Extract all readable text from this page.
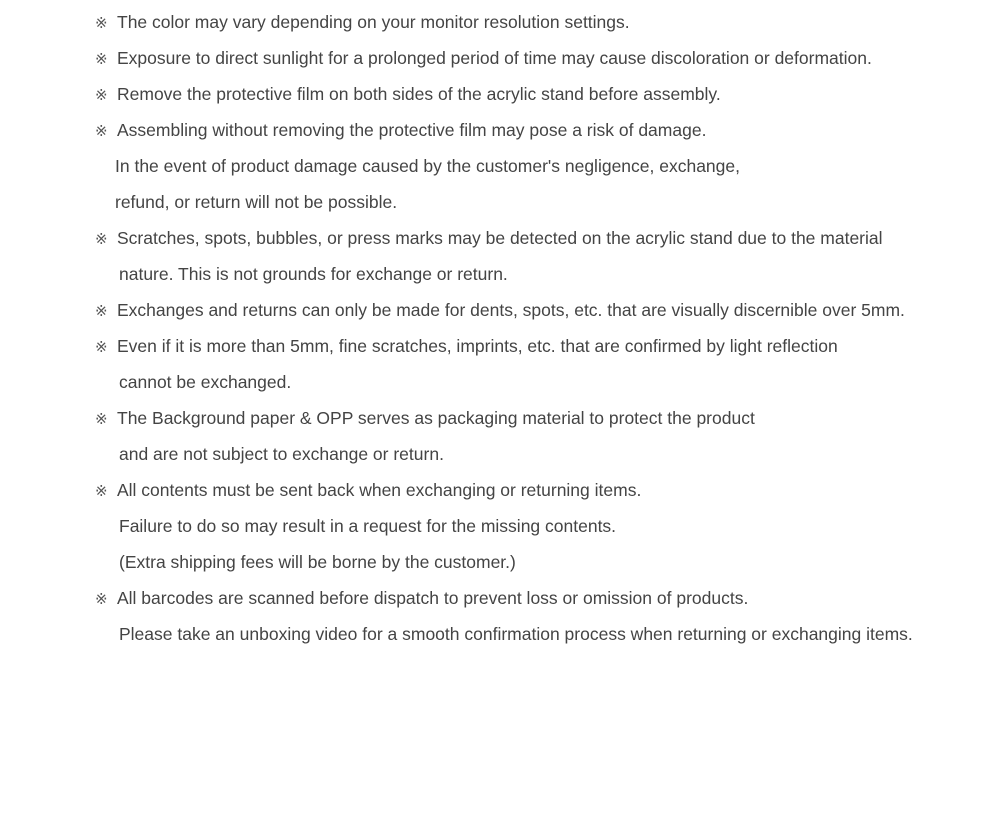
※ The color may vary depending on your monitor resolution settings.
※ Exposure to direct sunlight for a prolonged period of time may cause discoloration or deformation.
※ Remove the protective film on both sides of the acrylic stand before assembly.
※ Assembling without removing the protective film may pose a risk of damage.
In the event of product damage caused by the customer's negligence, exchange,
refund, or return will not be possible.
※ Scratches, spots, bubbles, or press marks may be detected on the acrylic stand due to the material
nature. This is not grounds for exchange or return.
※ Exchanges and returns can only be made for dents, spots, etc. that are visually discernible over 5mm.
※ Even if it is more than 5mm, fine scratches, imprints, etc. that are confirmed by light reflection
cannot be exchanged.
※ The Background paper & OPP serves as packaging material to protect the product
and are not subject to exchange or return.
※ All contents must be sent back when exchanging or returning items.
Failure to do so may result in a request for the missing contents.
(Extra shipping fees will be borne by the customer.)
※ All barcodes are scanned before dispatch to prevent loss or omission of products.
Please take an unboxing video for a smooth confirmation process when returning or exchanging items.
